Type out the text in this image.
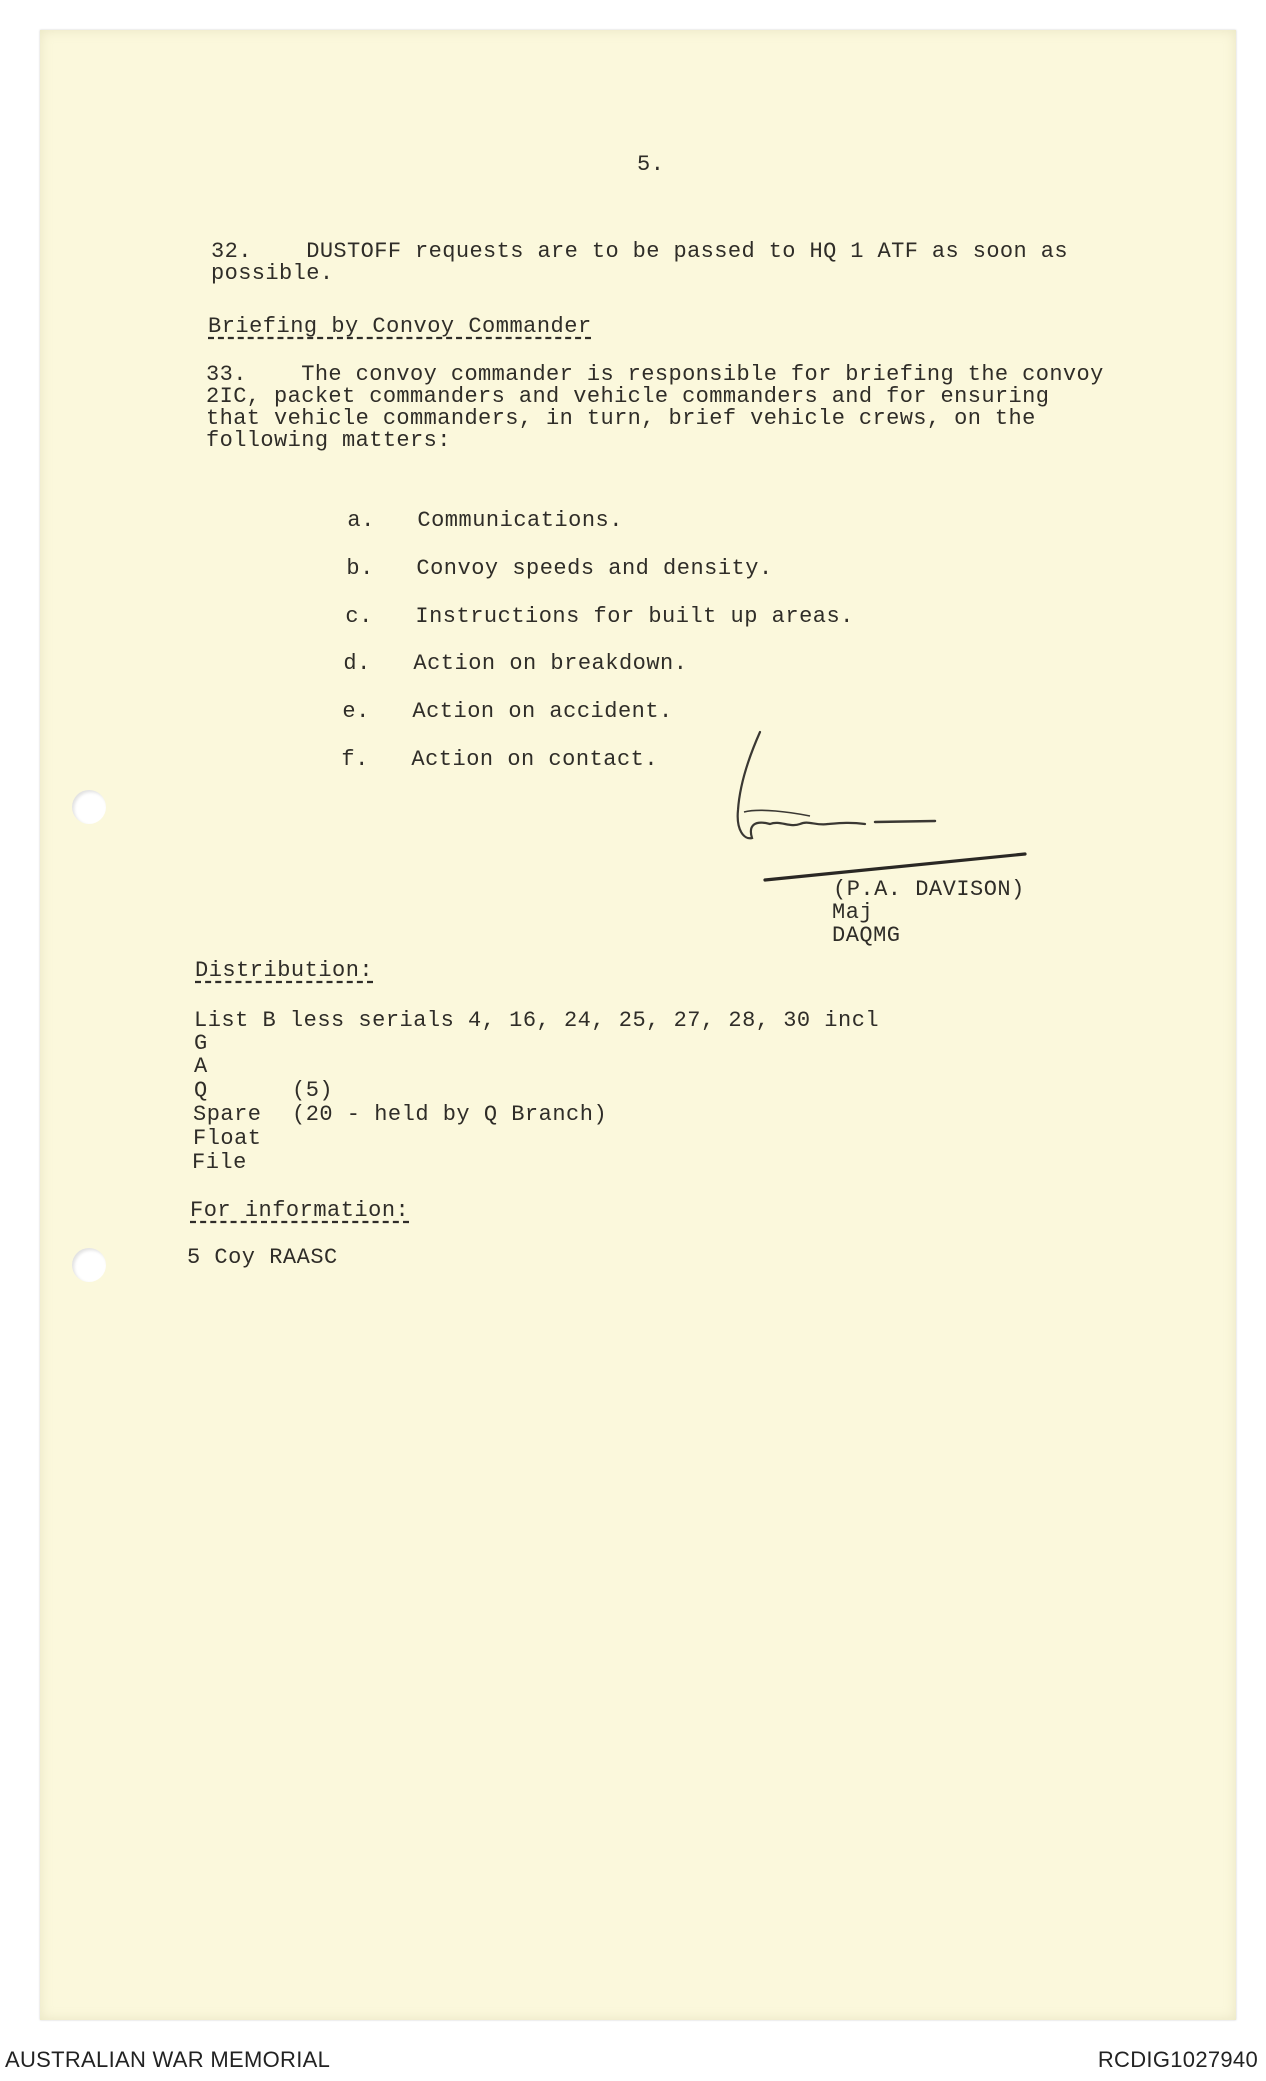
5.
32.    DUSTOFF requests are to be passed to HQ 1 ATF as soon as
possible.
Briefing by Convoy Commander
33.    The convoy commander is responsible for briefing the convoy
2IC, packet commanders and vehicle commanders and for ensuring
that vehicle commanders, in turn, brief vehicle crews, on the
following matters:

a. Communications.

b. Convoy speeds and density.

c. Instructions for built up areas.

d. Action on breakdown.

e. Action on accident.

f. Action on contact.

(P.A. DAVISON)
Maj
DAQMG
Distribution:
List B less serials 4, 16, 24, 25, 27, 28, 30 incl
G
A
Q	(5)
Spare (20 - held by Q Branch)
Float
File
For information:
5 Coy RAASC
AUSTRALIAN WAR MEMORIAL	RCDIG1027940
